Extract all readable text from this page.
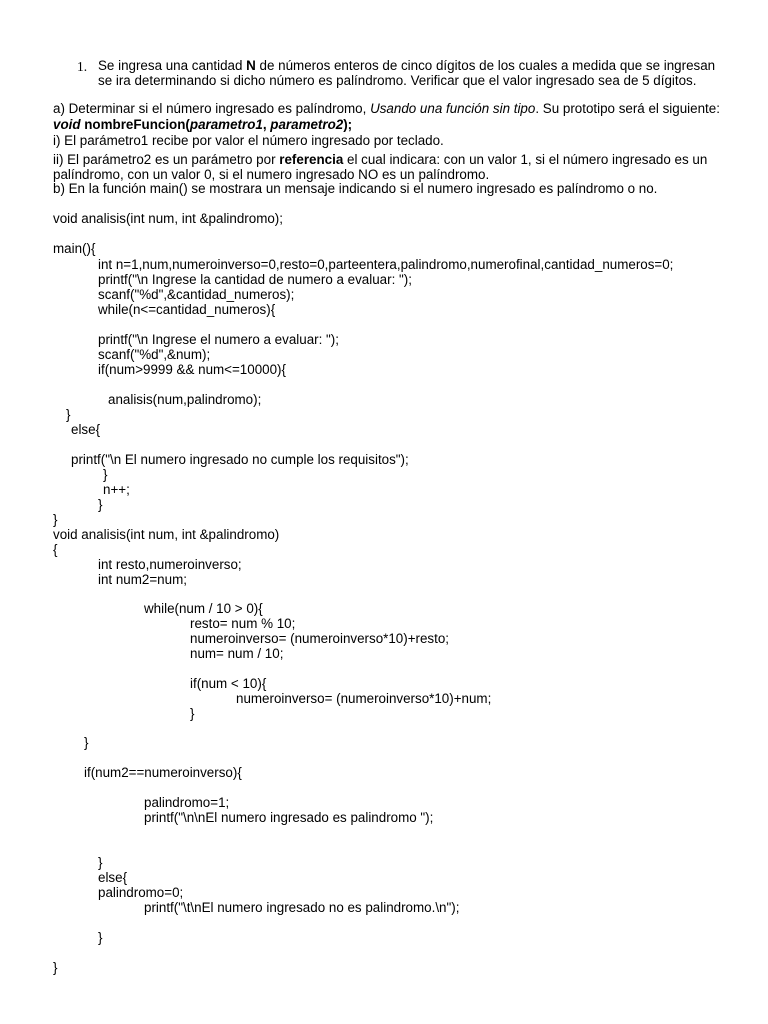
1. Se ingresa una cantidad N de números enteros de cinco dígitos de los cuales a medida que se ingresan
se ira determinando si dicho número es palíndromo. Verificar que el valor ingresado sea de 5 dígitos.
a) Determinar si el número ingresado es palíndromo, Usando una función sin tipo. Su prototipo será el siguiente:
void nombreFuncion(parametro1, parametro2);
i) El parámetro1 recibe por valor el número ingresado por teclado.
ii) El parámetro2 es un parámetro por referencia el cual indicara: con un valor 1, si el número ingresado es un
palíndromo, con un valor 0, si el numero ingresado NO es un palíndromo.
b) En la función main() se mostrara un mensaje indicando si el numero ingresado es palíndromo o no.
void analisis(int num, int &palindromo);
main(){
int n=1,num,numeroinverso=0,resto=0,parteentera,palindromo,numerofinal,cantidad_numeros=0;
printf("\n Ingrese la cantidad de numero a evaluar: ");
scanf("%d",&cantidad_numeros);
while(n<=cantidad_numeros){
printf("\n Ingrese el numero a evaluar: ");
scanf("%d",&num);
if(num>9999 && num<=10000){
analisis(num,palindromo);
}
else{
printf("\n El numero ingresado no cumple los requisitos");
}
n++;
}
}
void analisis(int num, int &palindromo)
{
int resto,numeroinverso;
int num2=num;
while(num / 10 > 0){
resto= num % 10;
numeroinverso= (numeroinverso*10)+resto;
num= num / 10;
if(num < 10){
numeroinverso= (numeroinverso*10)+num;
}
}
if(num2==numeroinverso){
palindromo=1;
printf("\n\nEl numero ingresado es palindromo ");
}
else{
palindromo=0;
printf("\t\nEl numero ingresado no es palindromo.\n");
}
}
